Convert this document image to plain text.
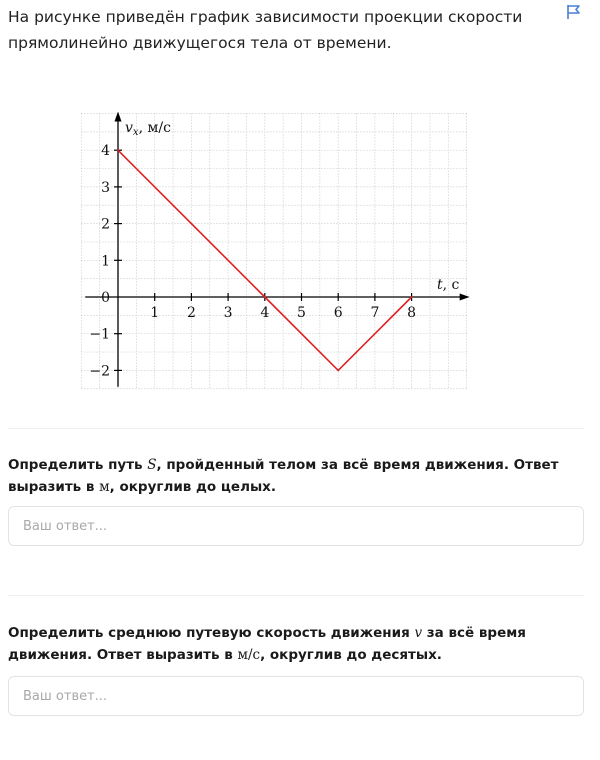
На рисунке приведён график зависимости проекции скорости прямолинейно движущегося тела от времени.
1 2 3 4 5 6 7 8
4
3
2
1
0
−1
−2
t, с
$v_x$, м/с
Определить путь S, пройденный телом за всё время движения. Ответ выразить в м, округлив до целых.
Ваш ответ...
Определить среднюю путевую скорость движения v за всё время движения. Ответ выразить в м/с, округлив до десятых.
Ваш ответ...
